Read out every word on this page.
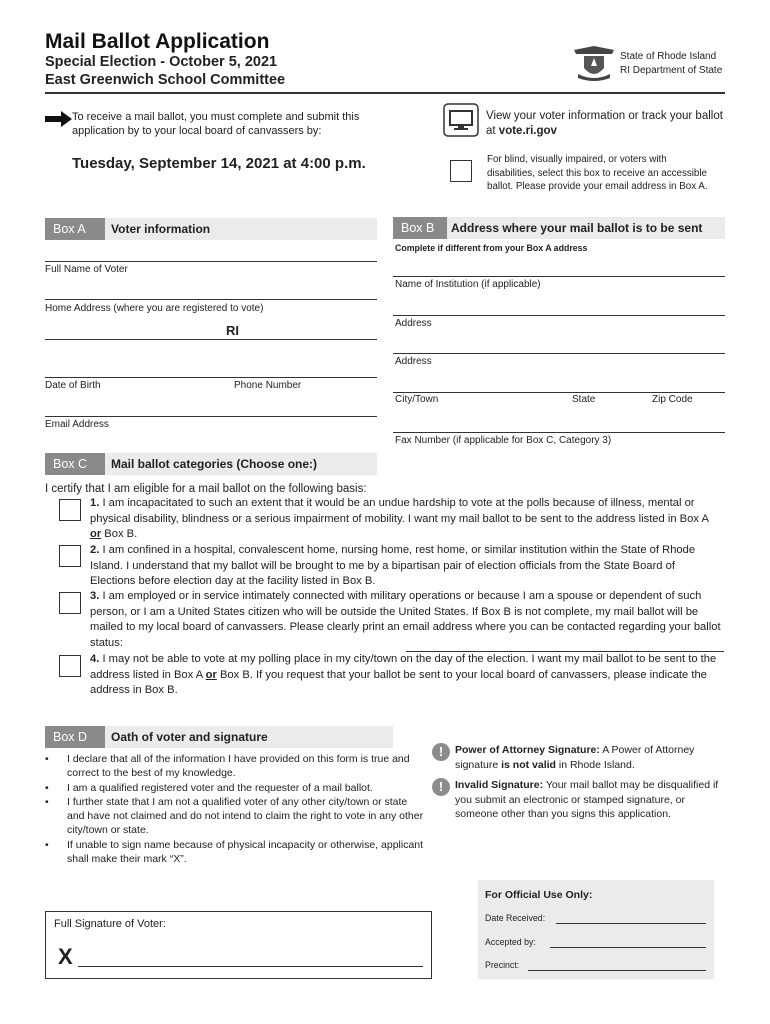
Mail Ballot Application
Special Election - October 5, 2021
East Greenwich School Committee
State of Rhode Island
RI Department of State
To receive a mail ballot, you must complete and submit this application by to your local board of canvassers by:
Tuesday, September 14, 2021 at 4:00 p.m.
View your voter information or track your ballot at vote.ri.gov
For blind, visually impaired, or voters with disabilities, select this box to receive an accessible ballot. Please provide your email address in Box A.
Box A	Voter information
Full Name of Voter
Home Address (where you are registered to vote)
RI
Date of Birth	Phone Number
Email Address
Box B	Address where your mail ballot is to be sent
Complete if different from your Box A address
Name of Institution (if applicable)
Address
Address
City/Town	State	Zip Code
Fax Number (if applicable for Box C, Category 3)
Box C	Mail ballot categories (Choose one:)
I certify that I am eligible for a mail ballot on the following basis:
1. I am incapacitated to such an extent that it would be an undue hardship to vote at the polls because of illness, mental or physical disability, blindness or a serious impairment of mobility. I want my mail ballot to be sent to the address listed in Box A or Box B.
2. I am confined in a hospital, convalescent home, nursing home, rest home, or similar institution within the State of Rhode Island. I understand that my ballot will be brought to me by a bipartisan pair of election officials from the State Board of Elections before election day at the facility listed in Box B.
3. I am employed or in service intimately connected with military operations or because I am a spouse or dependent of such person, or I am a United States citizen who will be outside the United States. If Box B is not complete, my mail ballot will be mailed to my local board of canvassers. Please clearly print an email address where you can be contacted regarding your ballot status:
4. I may not be able to vote at my polling place in my city/town on the day of the election. I want my mail ballot to be sent to the address listed in Box A or Box B. If you request that your ballot be sent to your local board of canvassers, please indicate the address in Box B.
Box D	Oath of voter and signature
• I declare that all of the information I have provided on this form is true and correct to the best of my knowledge.
• I am a qualified registered voter and the requester of a mail ballot.
• I further state that I am not a qualified voter of any other city/town or state and have not claimed and do not intend to claim the right to vote in any other city/town or state.
• If unable to sign name because of physical incapacity or otherwise, applicant shall make their mark “X”.
!	Power of Attorney Signature: A Power of Attorney signature is not valid in Rhode Island.
!	Invalid Signature: Your mail ballot may be disqualified if you submit an electronic or stamped signature, or someone other than you signs this application.
Full Signature of Voter:
X
For Official Use Only:
Date Received:
Accepted by:
Precinct:
